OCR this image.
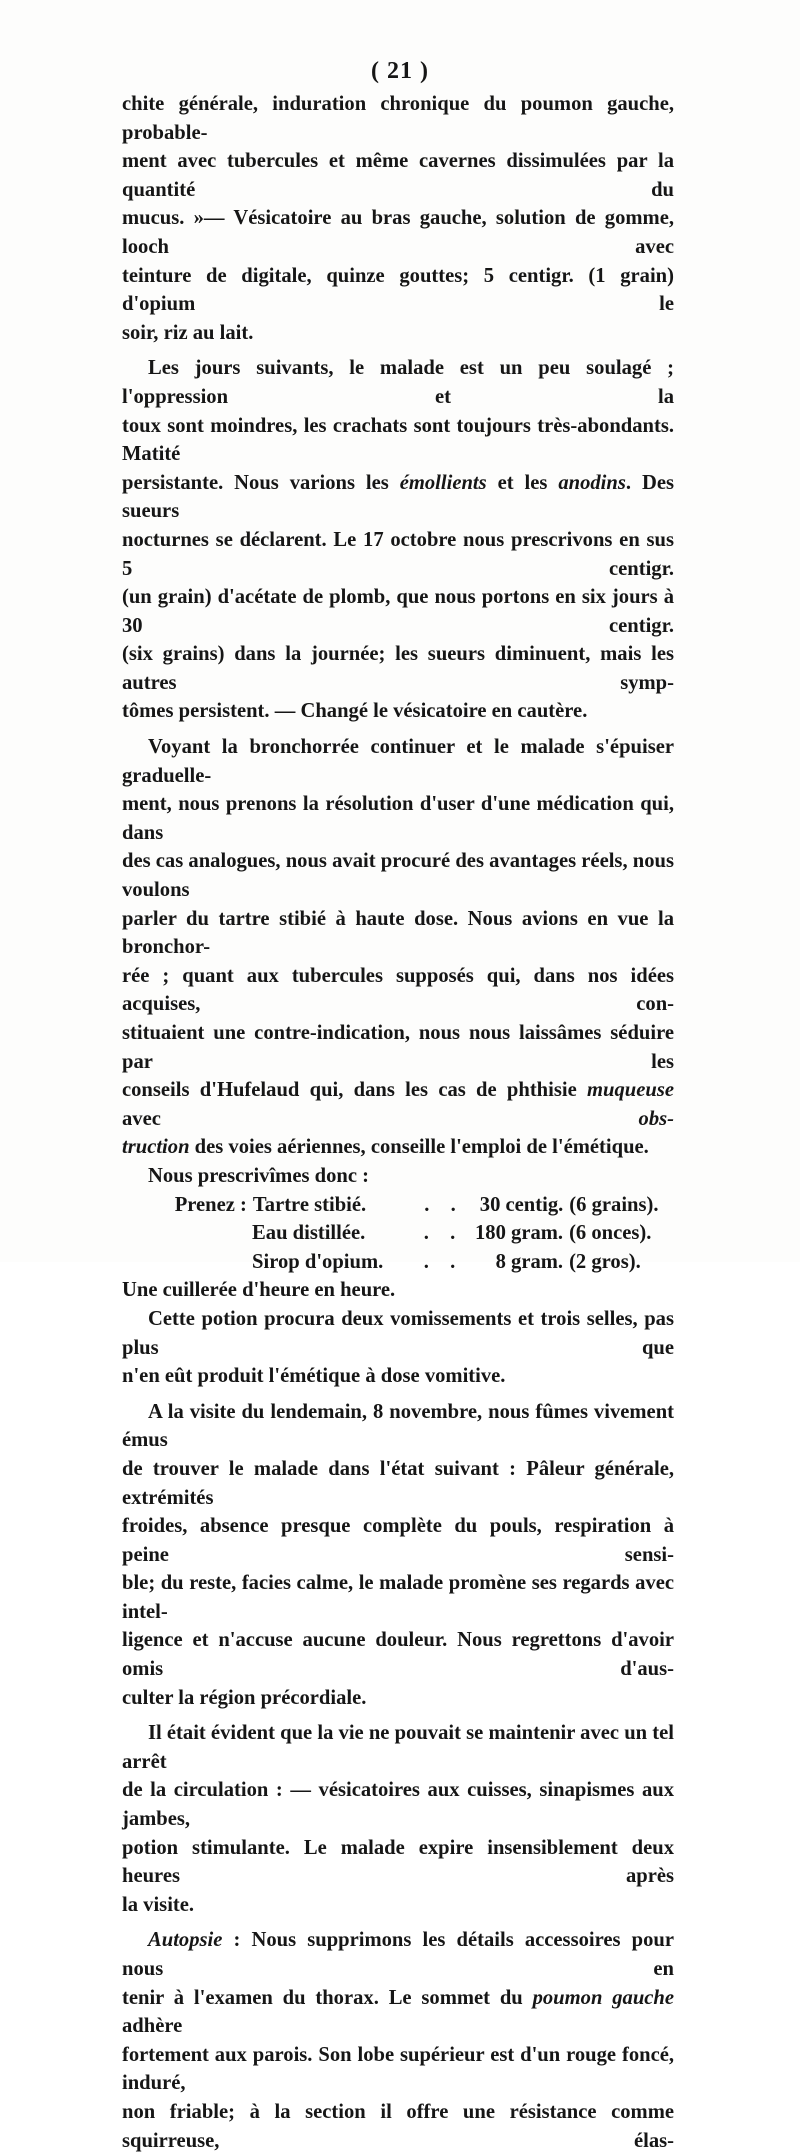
( 21 )
chite générale, induration chronique du poumon gauche, probable-
ment avec tubercules et même cavernes dissimulées par la quantité du
mucus. »— Vésicatoire au bras gauche, solution de gomme, looch avec
teinture de digitale, quinze gouttes; 5 centigr. (1 grain) d'opium le
soir, riz au lait.
Les jours suivants, le malade est un peu soulagé ; l'oppression et la
toux sont moindres, les crachats sont toujours très-abondants. Matité
persistante. Nous varions les émollients et les anodins. Des sueurs
nocturnes se déclarent. Le 17 octobre nous prescrivons en sus 5 centigr.
(un grain) d'acétate de plomb, que nous portons en six jours à 30 centigr.
(six grains) dans la journée; les sueurs diminuent, mais les autres symp-
tômes persistent. — Changé le vésicatoire en cautère.
Voyant la bronchorrée continuer et le malade s'épuiser graduelle-
ment, nous prenons la résolution d'user d'une médication qui, dans
des cas analogues, nous avait procuré des avantages réels, nous voulons
parler du tartre stibié à haute dose. Nous avions en vue la bronchor-
rée ; quant aux tubercules supposés qui, dans nos idées acquises, con-
stituaient une contre-indication, nous nous laissâmes séduire par les
conseils d'Hufelaud qui, dans les cas de phthisie muqueuse avec obs-
truction des voies aériennes, conseille l'emploi de l'émétique.
Nous prescrivîmes donc :
Prenez : Tartre stibié.	. . 30 centig. (6 grains).
Eau distillée.	. . 180 gram. (6 onces).
Sirop d'opium.	. .	8 gram. (2 gros).
Une cuillerée d'heure en heure.
Cette potion procura deux vomissements et trois selles, pas plus que
n'en eût produit l'émétique à dose vomitive.
A la visite du lendemain, 8 novembre, nous fûmes vivement émus
de trouver le malade dans l'état suivant : Pâleur générale, extrémités
froides, absence presque complète du pouls, respiration à peine sensi-
ble; du reste, facies calme, le malade promène ses regards avec intel-
ligence et n'accuse aucune douleur. Nous regrettons d'avoir omis d'aus-
culter la région précordiale.
Il était évident que la vie ne pouvait se maintenir avec un tel arrêt
de la circulation : — vésicatoires aux cuisses, sinapismes aux jambes,
potion stimulante. Le malade expire insensiblement deux heures après
la visite.
Autopsie : Nous supprimons les détails accessoires pour nous en
tenir à l'examen du thorax. Le sommet du poumon gauche adhère
fortement aux parois. Son lobe supérieur est d'un rouge foncé, induré,
non friable; à la section il offre une résistance comme squirreuse, élas-
